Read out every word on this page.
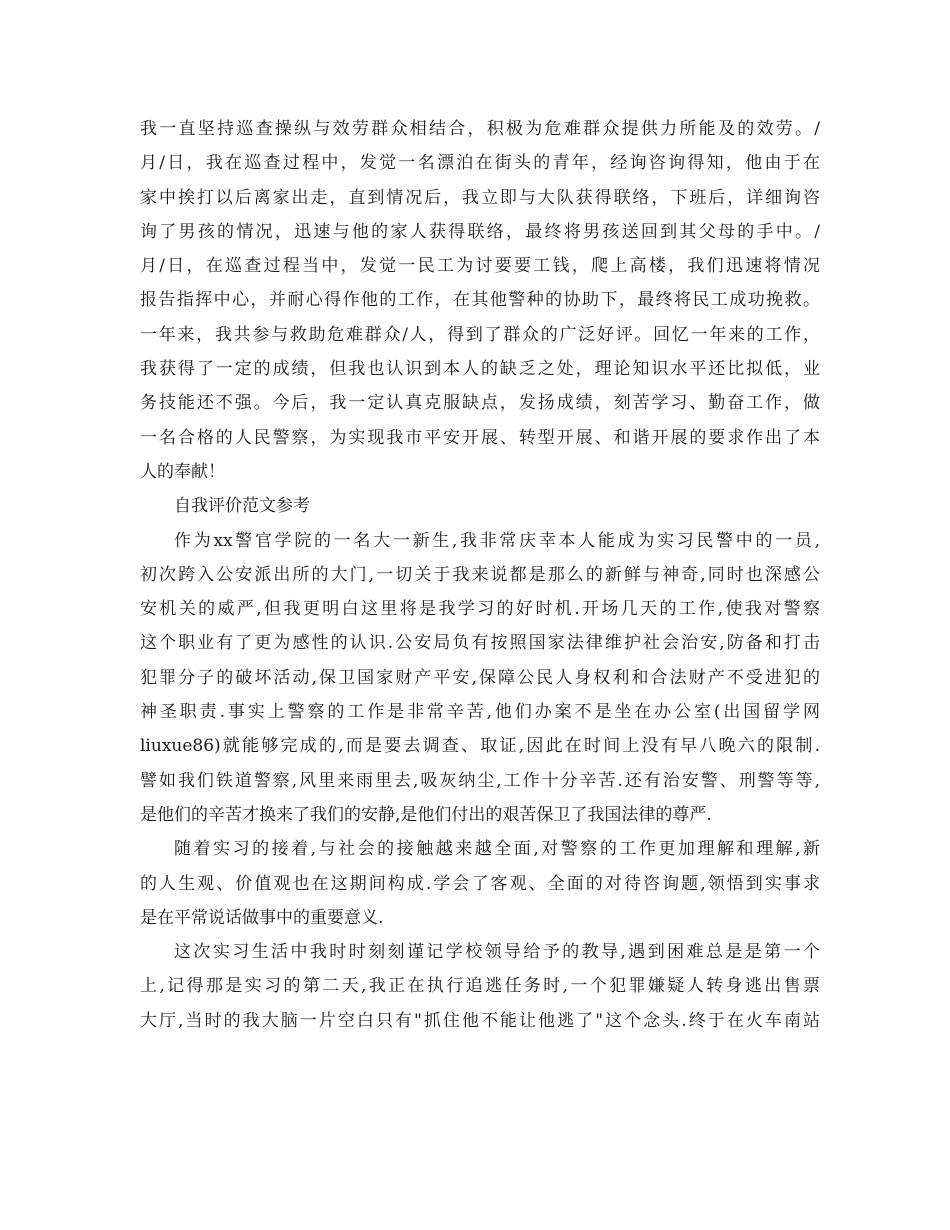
我一直坚持巡查操纵与效劳群众相结合，积极为危难群众提供力所能及的效劳。/
月/日，我在巡查过程中，发觉一名漂泊在街头的青年，经询咨询得知，他由于在
家中挨打以后离家出走，直到情况后，我立即与大队获得联络，下班后，详细询咨
询了男孩的情况，迅速与他的家人获得联络，最终将男孩送回到其父母的手中。/
月/日，在巡查过程当中，发觉一民工为讨要要工钱，爬上高楼，我们迅速将情况
报告指挥中心，并耐心得作他的工作，在其他警种的协助下，最终将民工成功挽救。
一年来，我共参与救助危难群众/人，得到了群众的广泛好评。回忆一年来的工作，
我获得了一定的成绩，但我也认识到本人的缺乏之处，理论知识水平还比拟低，业
务技能还不强。今后，我一定认真克服缺点，发扬成绩，刻苦学习、勤奋工作，做
一名合格的人民警察，为实现我市平安开展、转型开展、和谐开展的要求作出了本
人的奉献！
自我评价范文参考
作为xx警官学院的一名大一新生,我非常庆幸本人能成为实习民警中的一员,
初次跨入公安派出所的大门,一切关于我来说都是那么的新鲜与神奇,同时也深感公
安机关的威严,但我更明白这里将是我学习的好时机.开场几天的工作,使我对警察
这个职业有了更为感性的认识.公安局负有按照国家法律维护社会治安,防备和打击
犯罪分子的破坏活动,保卫国家财产平安,保障公民人身权利和合法财产不受进犯的
神圣职责.事实上警察的工作是非常辛苦,他们办案不是坐在办公室(出国留学网
liuxue86)就能够完成的,而是要去调查、取证,因此在时间上没有早八晚六的限制.
譬如我们铁道警察,风里来雨里去,吸灰纳尘,工作十分辛苦.还有治安警、刑警等等,
是他们的辛苦才换来了我们的安静,是他们付出的艰苦保卫了我国法律的尊严.
随着实习的接着,与社会的接触越来越全面,对警察的工作更加理解和理解,新
的人生观、价值观也在这期间构成.学会了客观、全面的对待咨询题,领悟到实事求
是在平常说话做事中的重要意义.
这次实习生活中我时时刻刻谨记学校领导给予的教导,遇到困难总是是第一个
上,记得那是实习的第二天,我正在执行追逃任务时,一个犯罪嫌疑人转身逃出售票
大厅,当时的我大脑一片空白只有"抓住他不能让他逃了"这个念头.终于在火车南站
